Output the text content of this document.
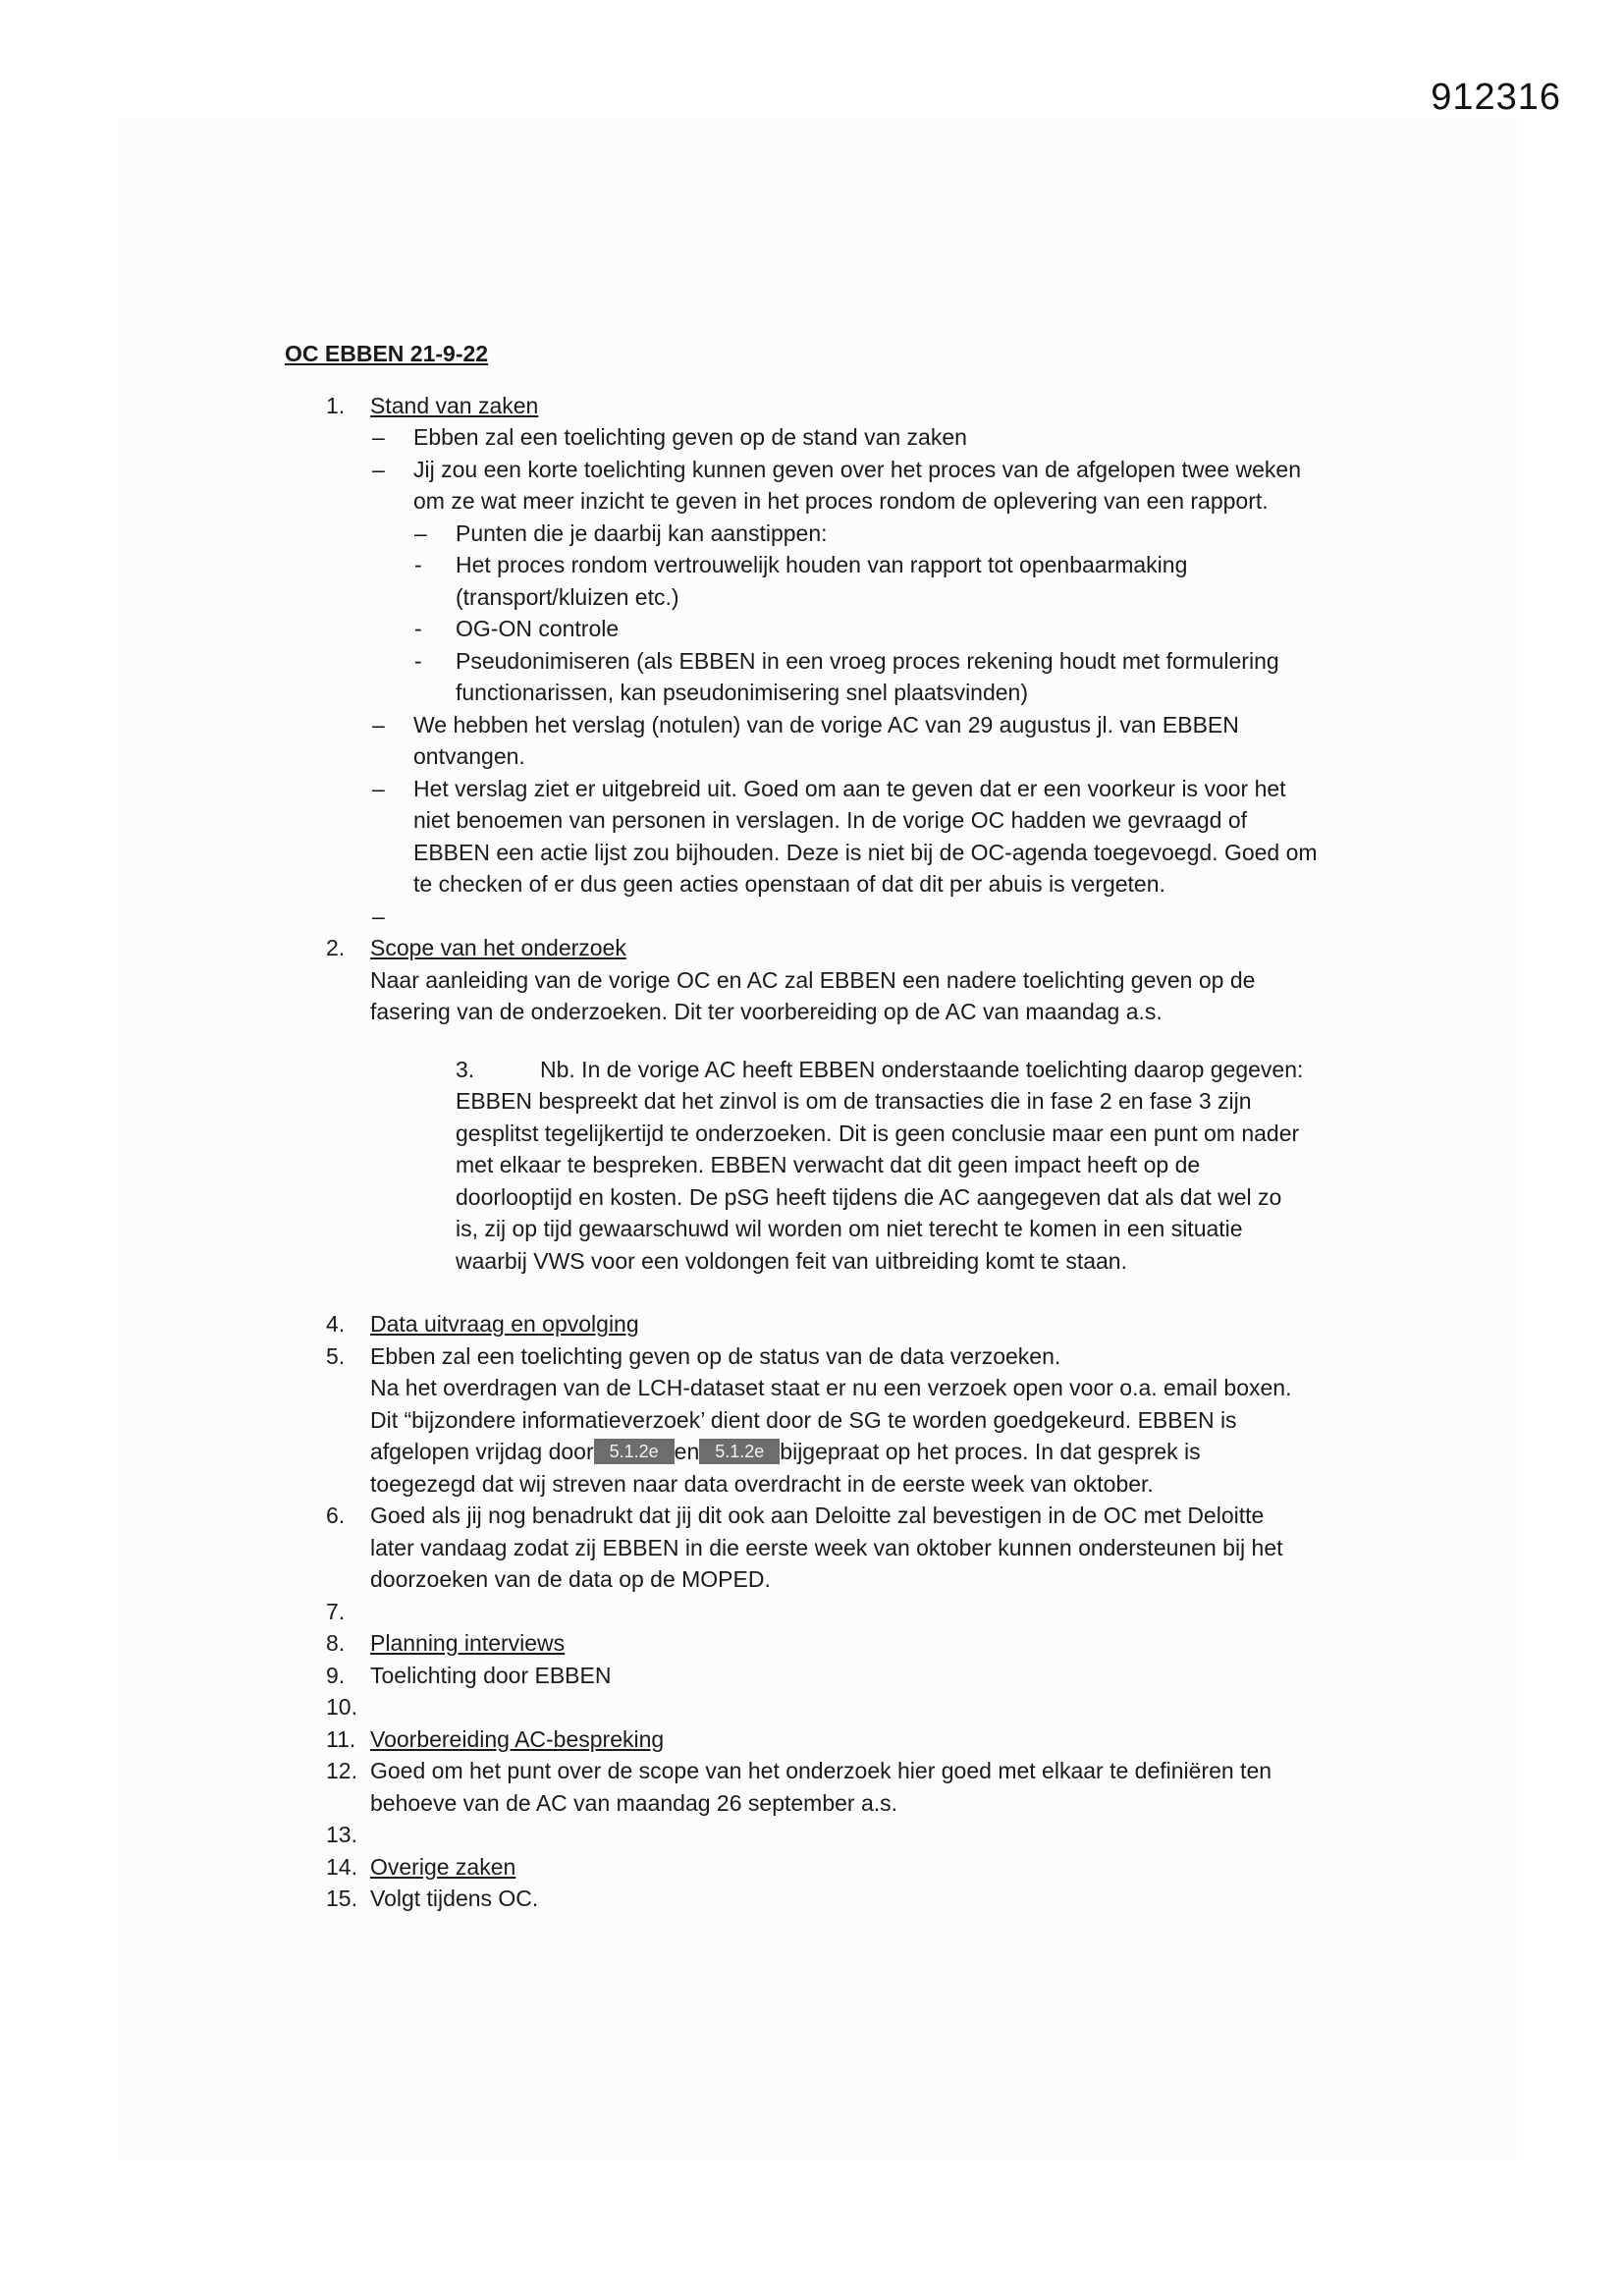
912316
OC EBBEN 21-9-22
1.	Stand van zaken
– Ebben zal een toelichting geven op de stand van zaken
– Jij zou een korte toelichting kunnen geven over het proces van de afgelopen twee weken
om ze wat meer inzicht te geven in het proces rondom de oplevering van een rapport.
– Punten die je daarbij kan aanstippen:
- Het proces rondom vertrouwelijk houden van rapport tot openbaarmaking
(transport/kluizen etc.)
- OG-ON controle
- Pseudonimiseren (als EBBEN in een vroeg proces rekening houdt met formulering
functionarissen, kan pseudonimisering snel plaatsvinden)
– We hebben het verslag (notulen) van de vorige AC van 29 augustus jl. van EBBEN
ontvangen.
– Het verslag ziet er uitgebreid uit. Goed om aan te geven dat er een voorkeur is voor het
niet benoemen van personen in verslagen. In de vorige OC hadden we gevraagd of
EBBEN een actie lijst zou bijhouden. Deze is niet bij de OC-agenda toegevoegd. Goed om
te checken of er dus geen acties openstaan of dat dit per abuis is vergeten.
–

2.	Scope van het onderzoek
Naar aanleiding van de vorige OC en AC zal EBBEN een nadere toelichting geven op de
fasering van de onderzoeken. Dit ter voorbereiding op de AC van maandag a.s.
3.	Nb. In de vorige AC heeft EBBEN onderstaande toelichting daarop gegeven:
EBBEN bespreekt dat het zinvol is om de transacties die in fase 2 en fase 3 zijn
gesplitst tegelijkertijd te onderzoeken. Dit is geen conclusie maar een punt om nader
met elkaar te bespreken. EBBEN verwacht dat dit geen impact heeft op de
doorlooptijd en kosten. De pSG heeft tijdens die AC aangegeven dat als dat wel zo
is, zij op tijd gewaarschuwd wil worden om niet terecht te komen in een situatie
waarbij VWS voor een voldongen feit van uitbreiding komt te staan.
4.	Data uitvraag en opvolging
5.	Ebben zal een toelichting geven op de status van de data verzoeken.
Na het overdragen van de LCH-dataset staat er nu een verzoek open voor o.a. email boxen.
Dit “bijzondere informatieverzoek’ dient door de SG te worden goedgekeurd. EBBEN is
afgelopen vrijdag door 5.1.2e en 5.1.2e bijgepraat op het proces. In dat gesprek is
toegezegd dat wij streven naar data overdracht in de eerste week van oktober.
6.	Goed als jij nog benadrukt dat jij dit ook aan Deloitte zal bevestigen in de OC met Deloitte
later vandaag zodat zij EBBEN in die eerste week van oktober kunnen ondersteunen bij het
doorzoeken van de data op de MOPED.
7.

8.	Planning interviews
9.	Toelichting door EBBEN
10.

11. Voorbereiding AC-bespreking
12. Goed om het punt over de scope van het onderzoek hier goed met elkaar te definiëren ten
behoeve van de AC van maandag 26 september a.s.
13.

14. Overige zaken
15. Volgt tijdens OC.
